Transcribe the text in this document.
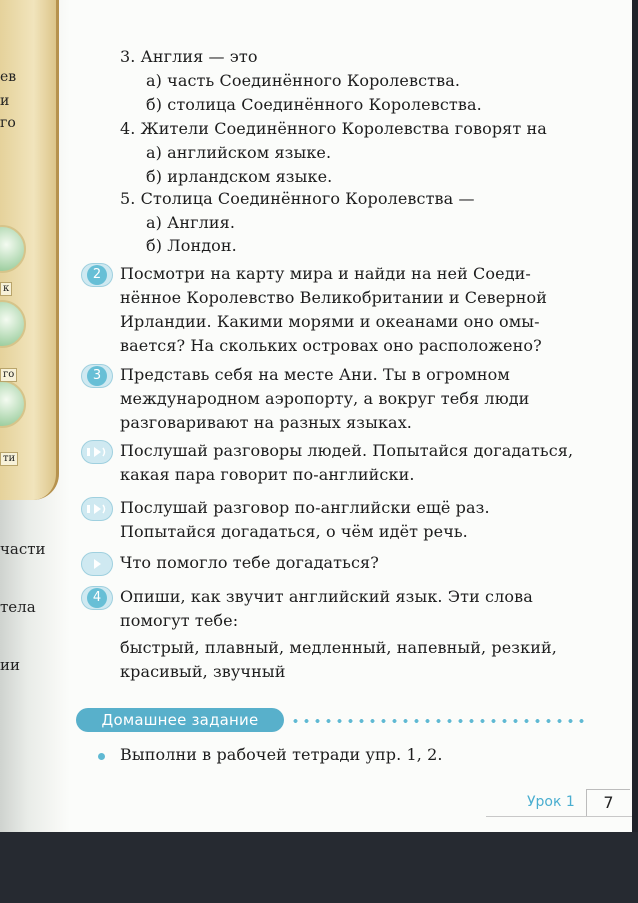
ев
и
го
к
го
ти
части
тела
ии
3. Англия — это
а) часть Соединённого Королевства.
б) столица Соединённого Королевства.
4. Жители Соединённого Королевства говорят на
а) английском языке.
б) ирландском языке.
5. Столица Соединённого Королевства —
а) Англия.
б) Лондон.
2	Посмотри на карту мира и найди на ней Соеди-
нённое Королевство Великобритании и Северной
Ирландии. Какими морями и океанами оно омы-
вается? На скольких островах оно расположено?
3	Представь себя на месте Ани. Ты в огромном
международном аэропорту, а вокруг тебя люди
разговаривают на разных языках.
Послушай разговоры людей. Попытайся догадаться,
какая пара говорит по-английски.
Послушай разговор по-английски ещё раз.
Попытайся догадаться, о чём идёт речь.
Что помогло тебе догадаться?
4	Опиши, как звучит английский язык. Эти слова
помогут тебе:
быстрый, плавный, медленный, напевный, резкий,
красивый, звучный
Домашнее задание
Выполни в рабочей тетради упр. 1, 2.
Урок 1	7
